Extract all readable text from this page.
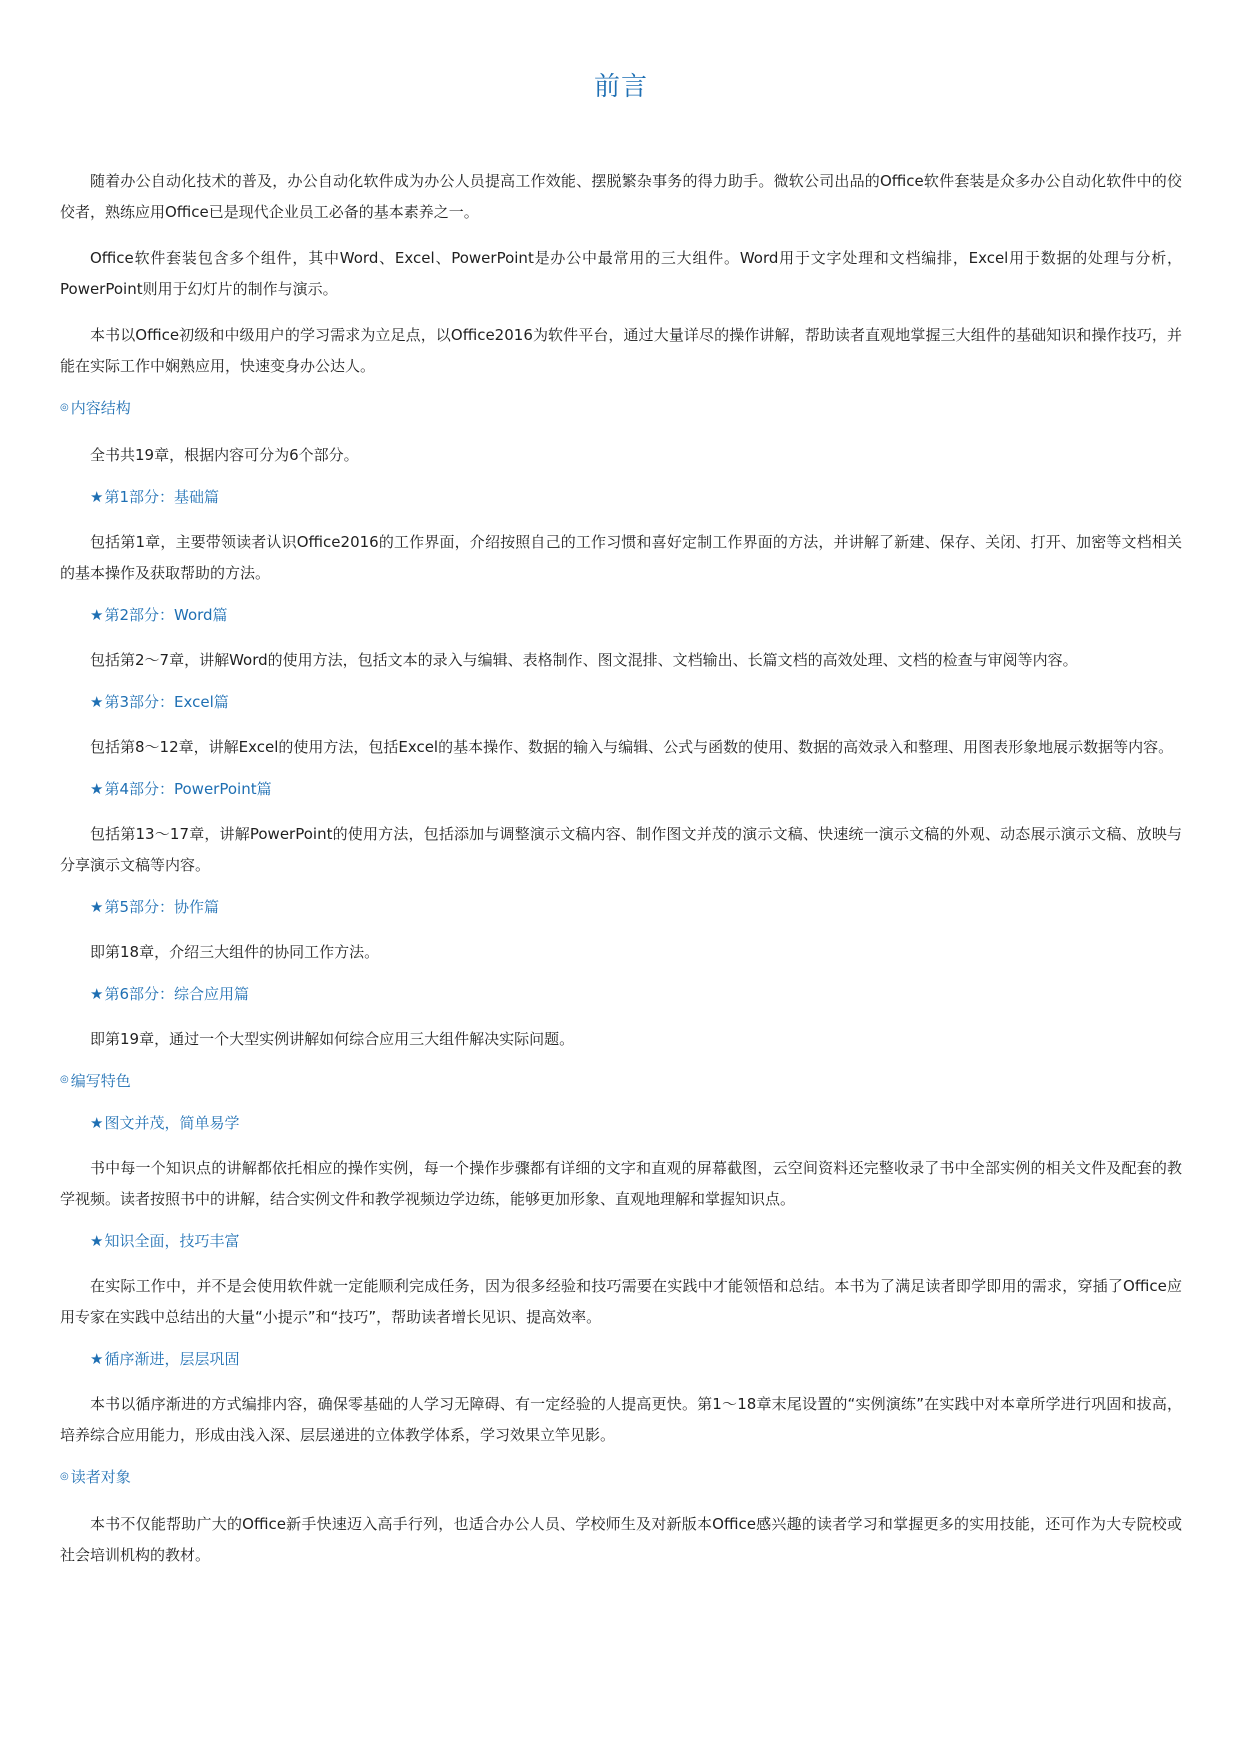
前言

随着办公自动化技术的普及，办公自动化软件成为办公人员提高工作效能、摆脱繁杂事务的得力助手。微软公司出品的Office软件套装是众多办公自动化软件中的佼佼者，熟练应用Office已是现代企业员工必备的基本素养之一。

Office软件套装包含多个组件，其中Word、Excel、PowerPoint是办公中最常用的三大组件。Word用于文字处理和文档编排，Excel用于数据的处理与分析，PowerPoint则用于幻灯片的制作与演示。

本书以Office初级和中级用户的学习需求为立足点，以Office2016为软件平台，通过大量详尽的操作讲解，帮助读者直观地掌握三大组件的基础知识和操作技巧，并能在实际工作中娴熟应用，快速变身办公达人。

◎ 内容结构

全书共19章，根据内容可分为6个部分。

★第1部分：基础篇

包括第1章，主要带领读者认识Office2016的工作界面，介绍按照自己的工作习惯和喜好定制工作界面的方法，并讲解了新建、保存、关闭、打开、加密等文档相关的基本操作及获取帮助的方法。

★第2部分：Word篇

包括第2～7章，讲解Word的使用方法，包括文本的录入与编辑、表格制作、图文混排、文档输出、长篇文档的高效处理、文档的检查与审阅等内容。

★第3部分：Excel篇

包括第8～12章，讲解Excel的使用方法，包括Excel的基本操作、数据的输入与编辑、公式与函数的使用、数据的高效录入和整理、用图表形象地展示数据等内容。

★第4部分：PowerPoint篇

包括第13～17章，讲解PowerPoint的使用方法，包括添加与调整演示文稿内容、制作图文并茂的演示文稿、快速统一演示文稿的外观、动态展示演示文稿、放映与分享演示文稿等内容。

★第5部分：协作篇

即第18章，介绍三大组件的协同工作方法。

★第6部分：综合应用篇

即第19章，通过一个大型实例讲解如何综合应用三大组件解决实际问题。

◎ 编写特色
★图文并茂，简单易学

书中每一个知识点的讲解都依托相应的操作实例，每一个操作步骤都有详细的文字和直观的屏幕截图，云空间资料还完整收录了书中全部实例的相关文件及配套的教学视频。读者按照书中的讲解，结合实例文件和教学视频边学边练，能够更加形象、直观地理解和掌握知识点。

★知识全面，技巧丰富

在实际工作中，并不是会使用软件就一定能顺利完成任务，因为很多经验和技巧需要在实践中才能领悟和总结。本书为了满足读者即学即用的需求，穿插了Office应用专家在实践中总结出的大量“小提示”和“技巧”，帮助读者增长见识、提高效率。

★循序渐进，层层巩固

本书以循序渐进的方式编排内容，确保零基础的人学习无障碍、有一定经验的人提高更快。第1～18章末尾设置的“实例演练”在实践中对本章所学进行巩固和拔高，培养综合应用能力，形成由浅入深、层层递进的立体教学体系，学习效果立竿见影。

◎ 读者对象

本书不仅能帮助广大的Office新手快速迈入高手行列，也适合办公人员、学校师生及对新版本Office感兴趣的读者学习和掌握更多的实用技能，还可作为大专院校或社会培训机构的教材。
